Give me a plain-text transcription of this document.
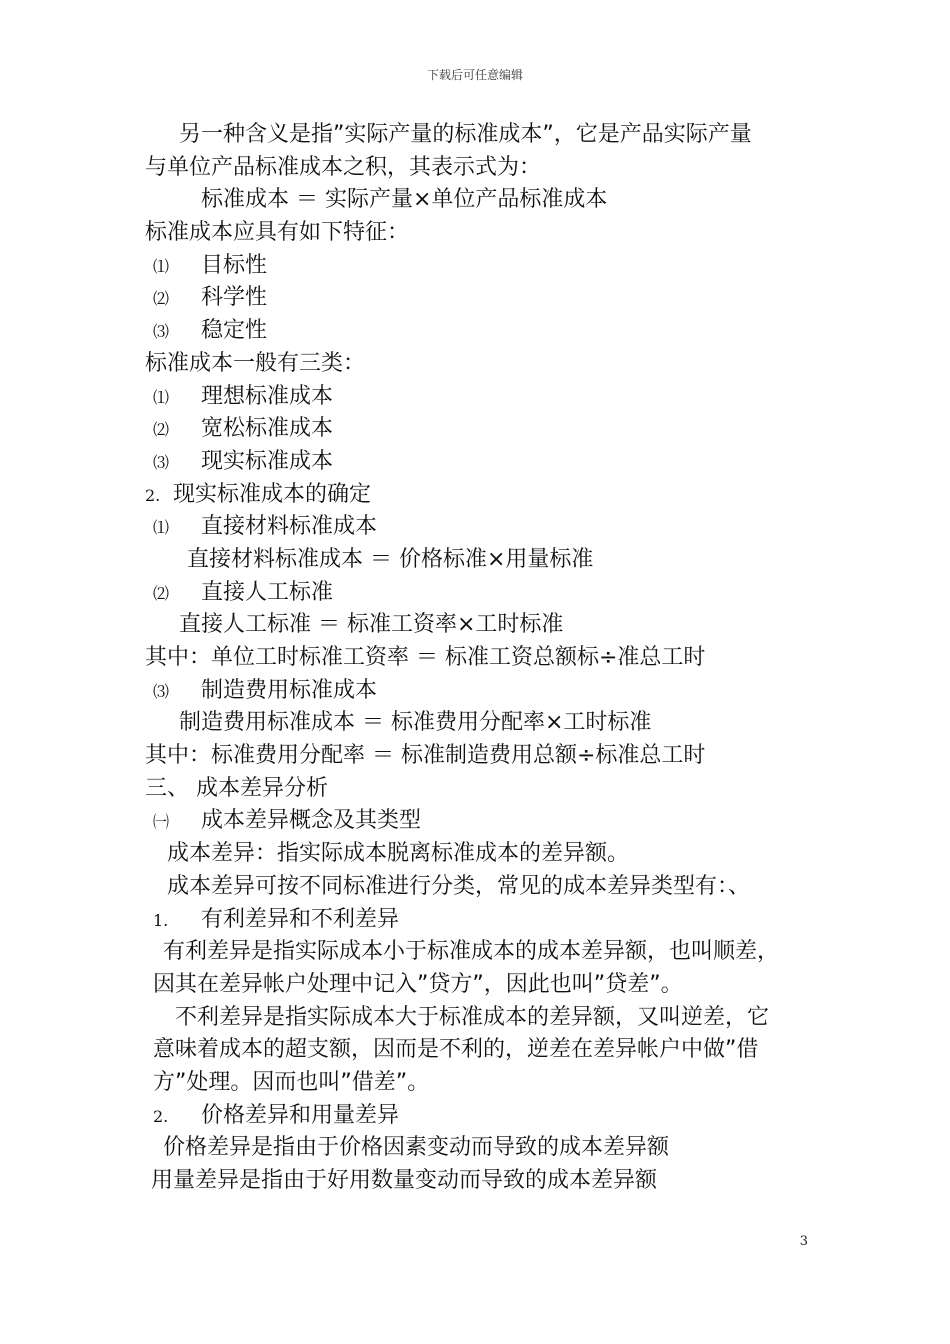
下载后可任意编辑
另一种含义是指”实际产量的标准成本”，它是产品实际产量
与单位产品标准成本之积，其表示式为：
标准成本 ＝ 实际产量×单位产品标准成本
标准成本应具有如下特征：
⑴ 目标性
⑵ 科学性
⑶ 稳定性
标准成本一般有三类：
⑴ 理想标准成本
⑵ 宽松标准成本
⑶ 现实标准成本
2. 现实标准成本的确定
⑴ 直接材料标准成本
直接材料标准成本 ＝ 价格标准×用量标准
⑵ 直接人工标准
直接人工标准 ＝ 标准工资率×工时标准
其中：单位工时标准工资率 ＝ 标准工资总额标÷准总工时
⑶ 制造费用标准成本
制造费用标准成本 ＝ 标准费用分配率×工时标准
其中：标准费用分配率 ＝ 标准制造费用总额÷标准总工时
三、 成本差异分析
㈠ 成本差异概念及其类型
成本差异：指实际成本脱离标准成本的差异额。
成本差异可按不同标准进行分类，常见的成本差异类型有：、
1. 有利差异和不利差异
有利差异是指实际成本小于标准成本的成本差异额，也叫顺差，
因其在差异帐户处理中记入”贷方”，因此也叫”贷差”。
不利差异是指实际成本大于标准成本的差异额，又叫逆差，它
意味着成本的超支额，因而是不利的，逆差在差异帐户中做”借
方”处理。因而也叫”借差”。
2. 价格差异和用量差异
价格差异是指由于价格因素变动而导致的成本差异额
用量差异是指由于好用数量变动而导致的成本差异额
3
